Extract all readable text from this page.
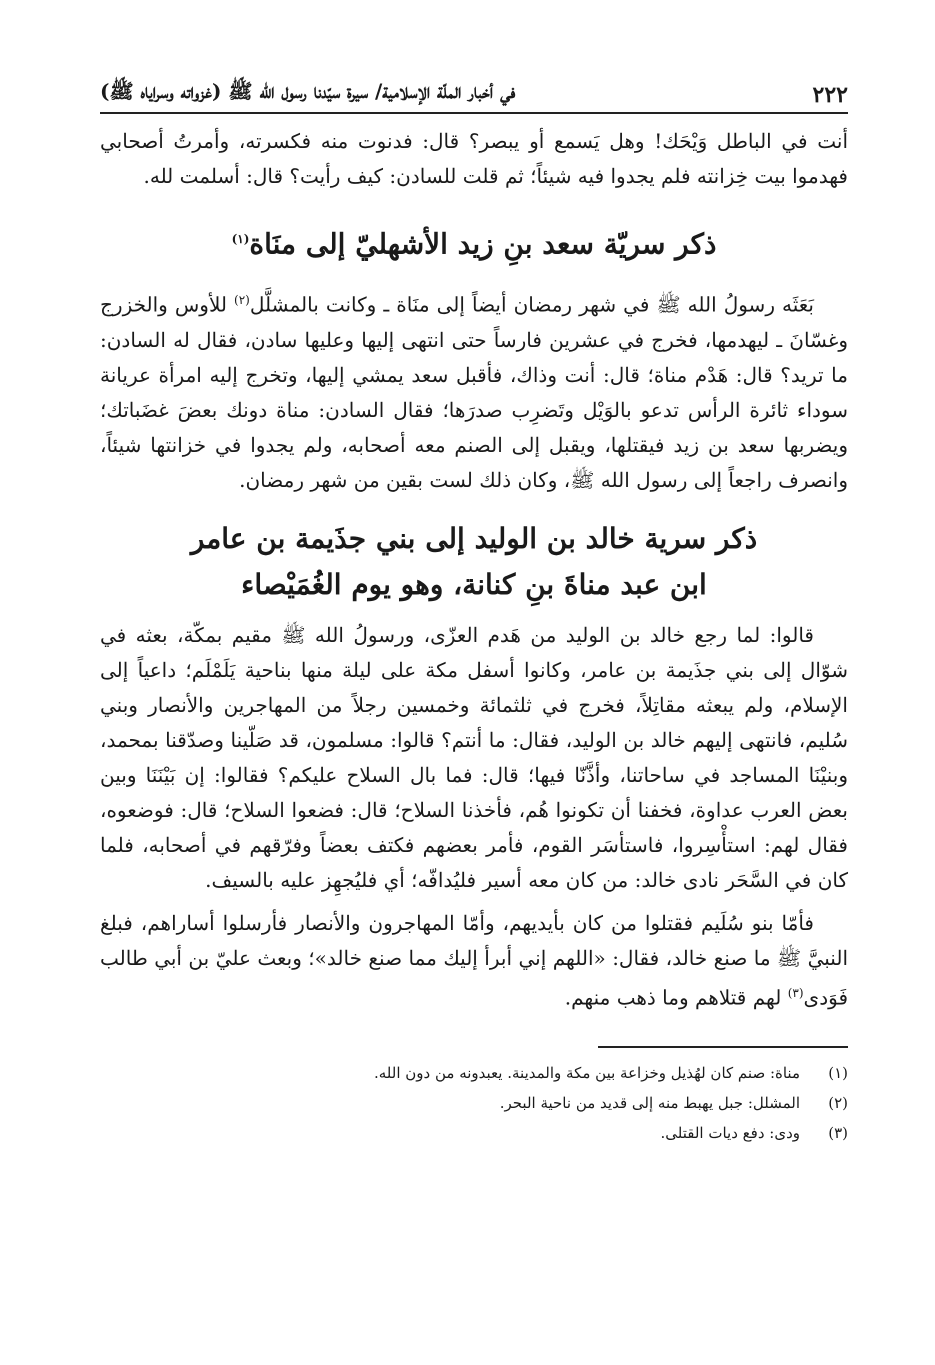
٢٢٢
في أخبار الملّة الإسلامية/ سيرة سيّدنا رسول الله ﷺ (غزواته وسراياه ﷺ)

أنت في الباطل وَيْحَك! وهل يَسمع أو يبصر؟ قال: فدنوت منه فكسرته، وأمرتُ أصحابي فهدموا بيت خِزانته فلم يجدوا فيه شيئاً؛ ثم قلت للسادن: كيف رأيت؟ قال: أسلمت لله.

ذكر سريّة سعد بنِ زيد الأشهليّ إلى منَاة$^{(١)}$

بَعَثَه رسولُ الله ﷺ في شهر رمضان أيضاً إلى منَاة ـ وكانت بالمشلَّل$^{(٢)}$ للأوس والخزرج وغسّانَ ـ ليهدمها، فخرج في عشرين فارساً حتى انتهى إليها وعليها سادن، فقال له السادن: ما تريد؟ قال: هَدْم مناة؛ قال: أنت وذاك، فأقبل سعد يمشي إليها، وتخرج إليه امرأة عريانة سوداء ثائرة الرأس تدعو بالوَيْل وتَضرِب صدرَها؛ فقال السادن: مناة دونك بعضَ غضَباتك؛ ويضربها سعد بن زيد فيقتلها، ويقبل إلى الصنم معه أصحابه، ولم يجدوا في خزانتها شيئاً، وانصرف راجعاً إلى رسول الله ﷺ، وكان ذلك لست بقين من شهر رمضان.

ذكر سرية خالد بن الوليد إلى بني جذَيمة بن عامر
ابن عبد مناةَ بنِ كنانة، وهو يوم الغُمَيْصاء

قالوا: لما رجع خالد بن الوليد من هَدم العزّى، ورسولُ الله ﷺ مقيم بمكّة، بعثه في شوّال إلى بني جذَيمة بن عامر، وكانوا أسفل مكة على ليلة منها بناحية يَلَمْلَم؛ داعياً إلى الإسلام، ولم يبعثه مقاتِلاً، فخرج في ثلثمائة وخمسين رجلاً من المهاجرين والأنصار وبني سُليم، فانتهى إليهم خالد بن الوليد، فقال: ما أنتم؟ قالوا: مسلمون، قد صَلّينا وصدّقنا بمحمد، وبنيْنَا المساجد في ساحاتنا، وأذَّنّا فيها؛ قال: فما بال السلاح عليكم؟ فقالوا: إن بَيْنَنَا وبين بعض العرب عداوة، فخفنا أن تكونوا هُم، فأخذنا السلاح؛ قال: فضعوا السلاح؛ قال: فوضعوه، فقال لهم: استأْسِروا، فاستأسَر القوم، فأمر بعضهم فكتف بعضاً وفرّقهم في أصحابه، فلما كان في السَّحَر نادى خالد: من كان معه أسير فليُدافّه؛ أي فليُجهِز عليه بالسيف.

فأمّا بنو سُلَيم فقتلوا من كان بأيديهم، وأمّا المهاجرون والأنصار فأرسلوا أساراهم، فبلغ النبيَّ ﷺ ما صنع خالد، فقال: «اللهم إني أبرأ إليك مما صنع خالد»؛ وبعث عليّ بن أبي طالب فَوَدى$^{(٣)}$ لهم قتلاهم وما ذهب منهم.

(١)
مناة: صنم كان لهُذيل وخزاعة بين مكة والمدينة. يعبدونه من دون الله.
(٢)
المشلل: جبل يهبط منه إلى قديد من ناحية البحر.
(٣)
ودى: دفع ديات القتلى.
